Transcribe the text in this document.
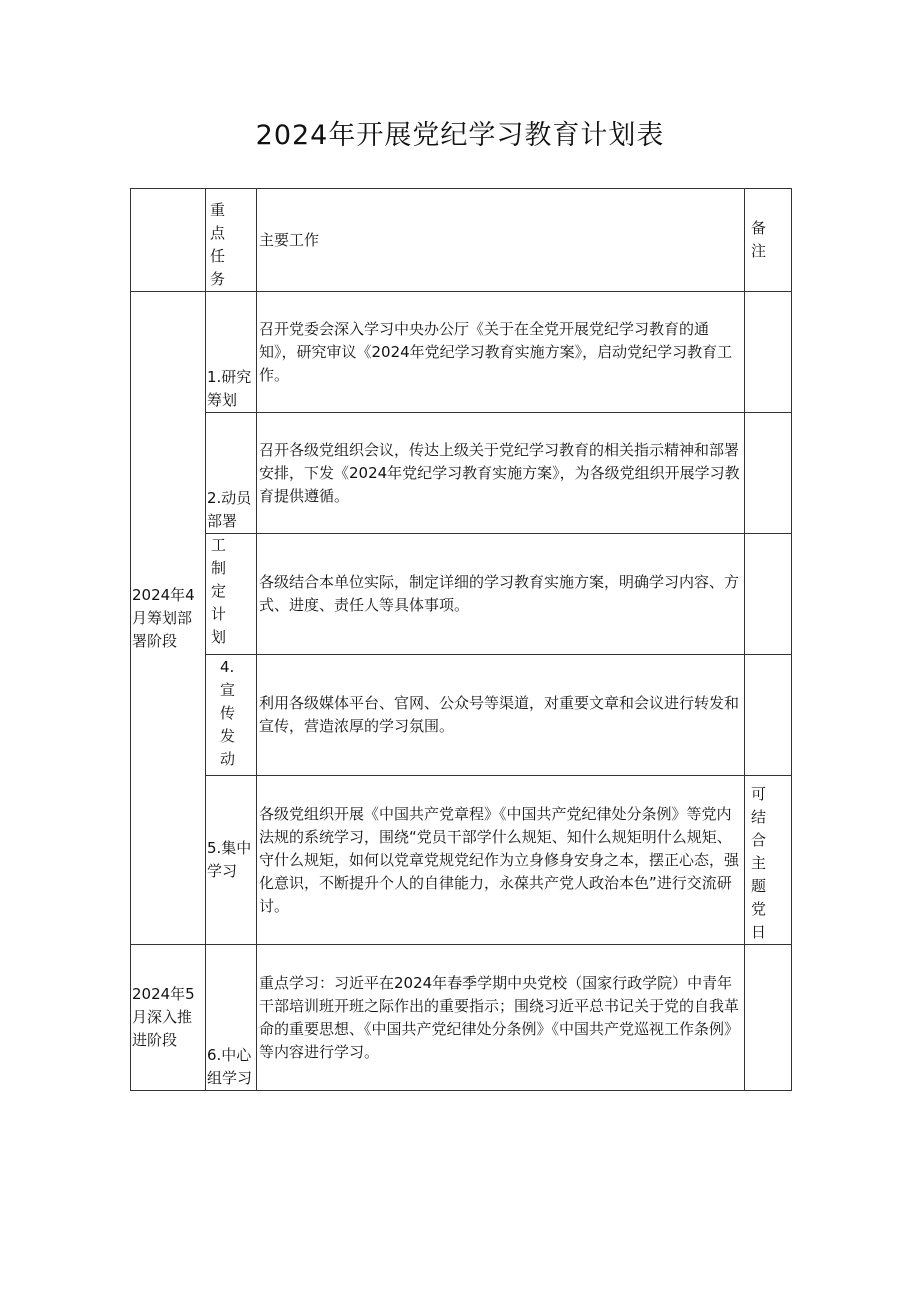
2024年开展党纪学习教育计划表

	重点任务	主要工作	备注

2024年4月筹划部署阶段	1.研究筹划	召开党委会深入学习中央办公厅《关于在全党开展党纪学习教育的通知》，研究审议《2024年党纪学习教育实施方案》，启动党纪学习教育工作。	
	2.动员部署	召开各级党组织会议，传达上级关于党纪学习教育的相关指示精神和部署安排，下发《2024年党纪学习教育实施方案》，为各级党组织开展学习教育提供遵循。	

	工制定计划	各级结合本单位实际，制定详细的学习教育实施方案，明确学习内容、方式、进度、责任人等具体事项。	

	4.宣传发动	利用各级媒体平台、官网、公众号等渠道，对重要文章和会议进行转发和宣传，营造浓厚的学习氛围。	
	5.集中学习	各级党组织开展《中国共产党章程》《中国共产党纪律处分条例》等党内法规的系统学习，围绕“党员干部学什么规矩、知什么规矩明什么规矩、守什么规矩，如何以党章党规党纪作为立身修身安身之本，摆正心态，强化意识，不断提升个人的自律能力，永葆共产党人政治本色”进行交流研讨。	可结合主题党日

2024年5月深入推进阶段	6.中心组学习	重点学习：习近平在2024年春季学期中央党校（国家行政学院）中青年干部培训班开班之际作出的重要指示；围绕习近平总书记关于党的自我革命的重要思想、《中国共产党纪律处分条例》《中国共产党巡视工作条例》等内容进行学习。	
